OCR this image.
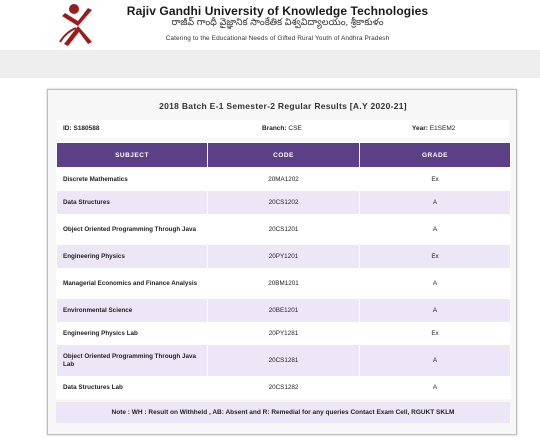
Rajiv Gandhi University of Knowledge Technologies
రాజీవ్ గాంధీ వైజ్ఞానిక సాంకేతిక విశ్వవిద్యాలయం, శ్రీకాకుళం
Catering to the Educational Needs of Gifted Rural Youth of Andhra Pradesh
2018 Batch E-1 Semester-2 Regular Results [A.Y 2020-21]
ID: S180588	Branch: CSE	Year: E1SEM2
SUBJECT	CODE	GRADE
Discrete Mathematics	20MA1202	Ex
Data Structures	20CS1202	A
Object Oriented Programming Through Java	20CS1201	A
Engineering Physics	20PY1201	Ex
Managerial Economics and Finance Analysis	20BM1201	A
Environmental Science	20BE1201	A
Engineering Physics Lab	20PY1281	Ex
Object Oriented Programming Through Java Lab	20CS1281	A
Data Structures Lab	20CS1282	A
Note : WH : Result on Withheld , AB: Absent and R: Remedial for any queries Contact Exam Cell, RGUKT SKLM
